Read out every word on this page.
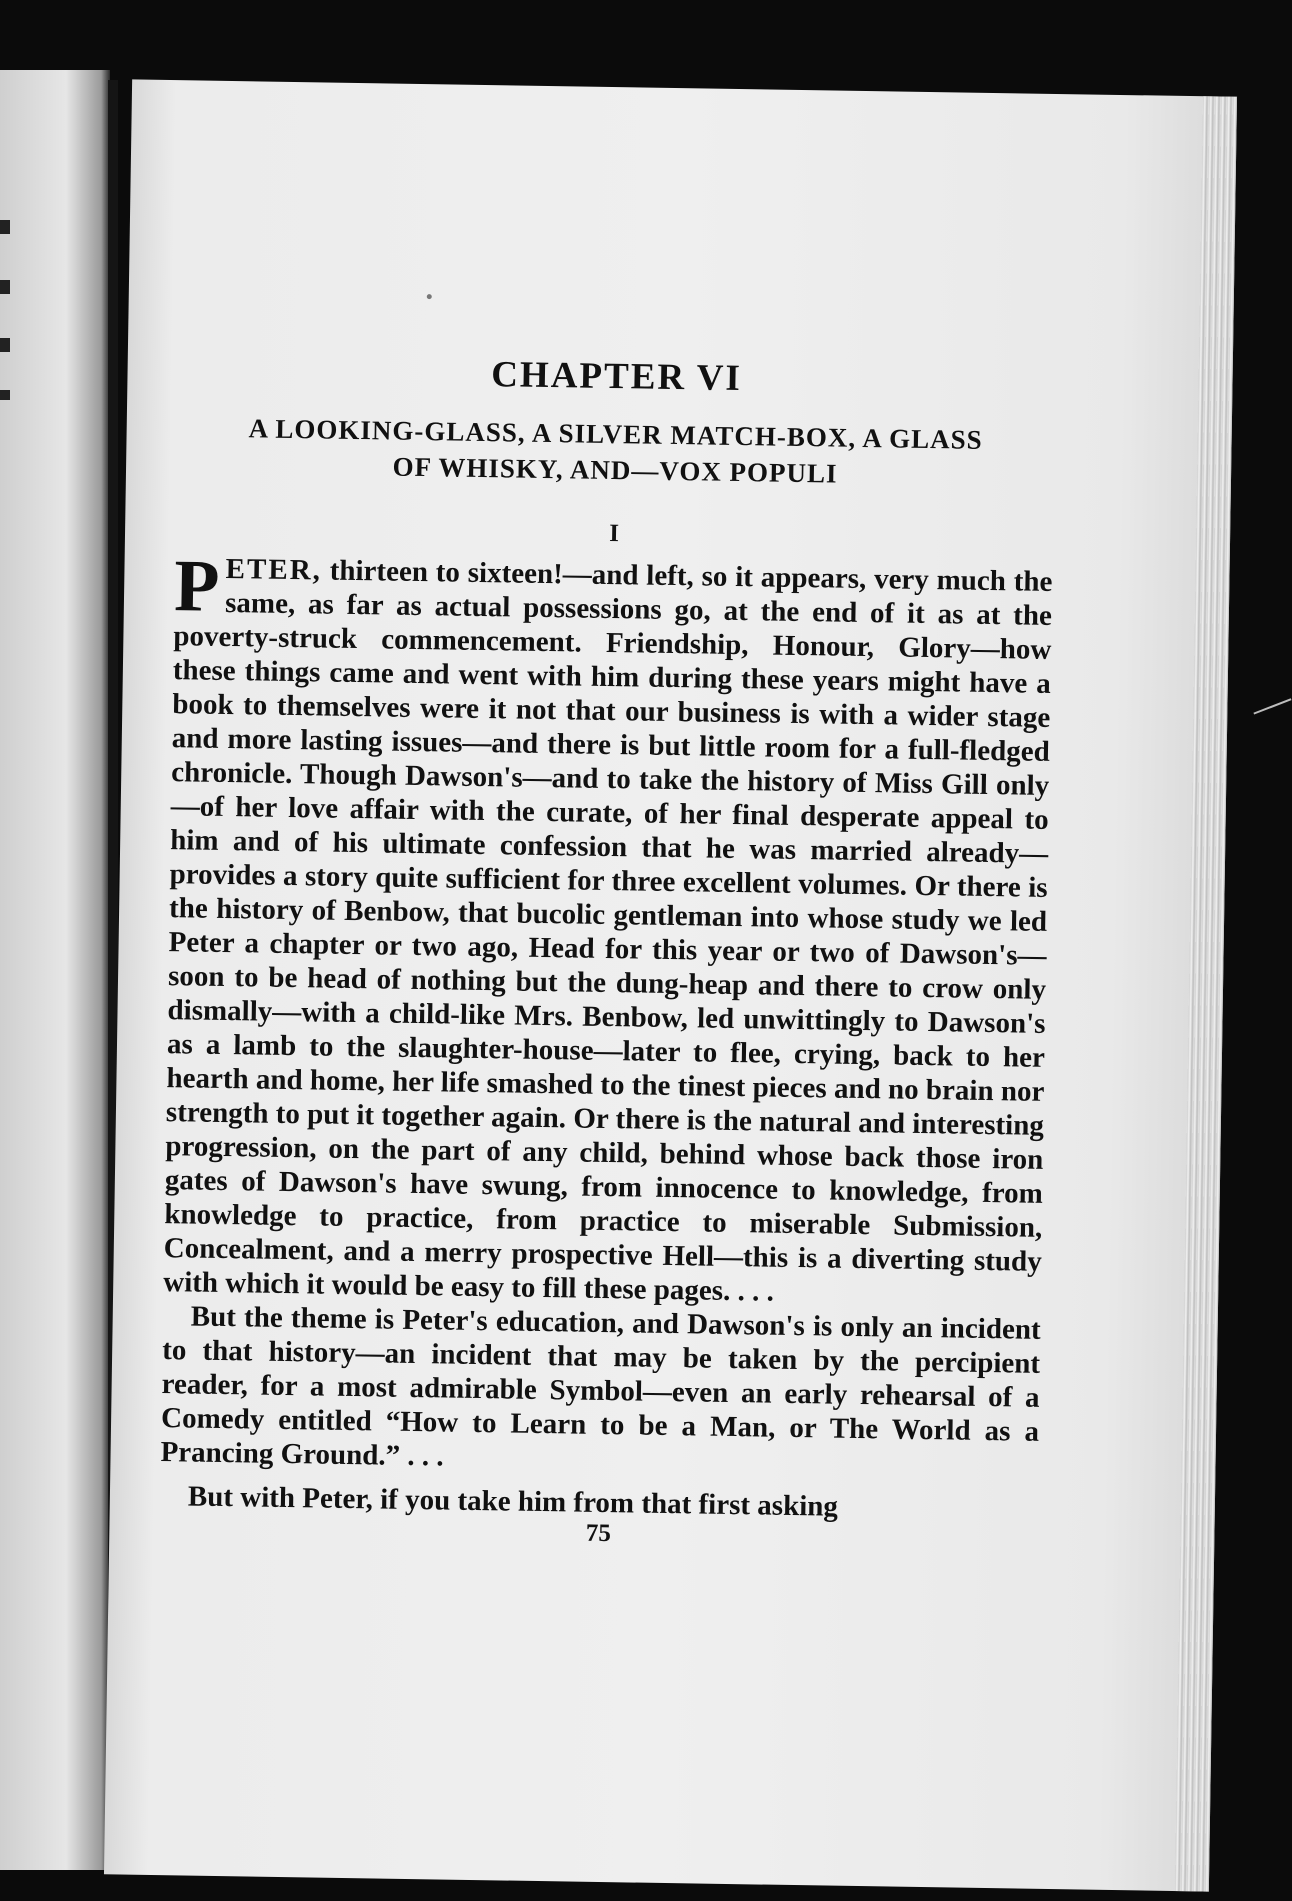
CHAPTER VI
A LOOKING-GLASS, A SILVER MATCH-BOX, A GLASS
OF WHISKY, AND—VOX POPULI
I

PETER, thirteen to sixteen!—and left, so it appears, very much the same, as far as actual possessions go, at the end of it as at the poverty-struck commencement. Friendship, Honour, Glory—how these things came and went with him during these years might have a book to themselves were it not that our business is with a wider stage and more lasting issues—and there is but little room for a full-fledged chronicle. Though Dawson's—and to take the history of Miss Gill only—of her love affair with the curate, of her final desperate appeal to him and of his ultimate confession that he was married already—provides a story quite sufficient for three excellent volumes. Or there is the history of Benbow, that bucolic gentleman into whose study we led Peter a chapter or two ago, Head for this year or two of Dawson's—soon to be head of nothing but the dung-heap and there to crow only dismally—with a child-like Mrs. Benbow, led unwittingly to Dawson's as a lamb to the slaughter-house—later to flee, crying, back to her hearth and home, her life smashed to the tinest pieces and no brain nor strength to put it together again. Or there is the natural and interesting progression, on the part of any child, behind whose back those iron gates of Dawson's have swung, from innocence to knowledge, from knowledge to practice, from practice to miserable Submission, Concealment, and a merry prospective Hell—this is a diverting study with which it would be easy to fill these pages. . . .

But the theme is Peter's education, and Dawson's is only an incident to that history—an incident that may be taken by the percipient reader, for a most admirable Symbol—even an early rehearsal of a Comedy entitled “How to Learn to be a Man, or The World as a Prancing Ground.” . . .

But with Peter, if you take him from that first asking

75
